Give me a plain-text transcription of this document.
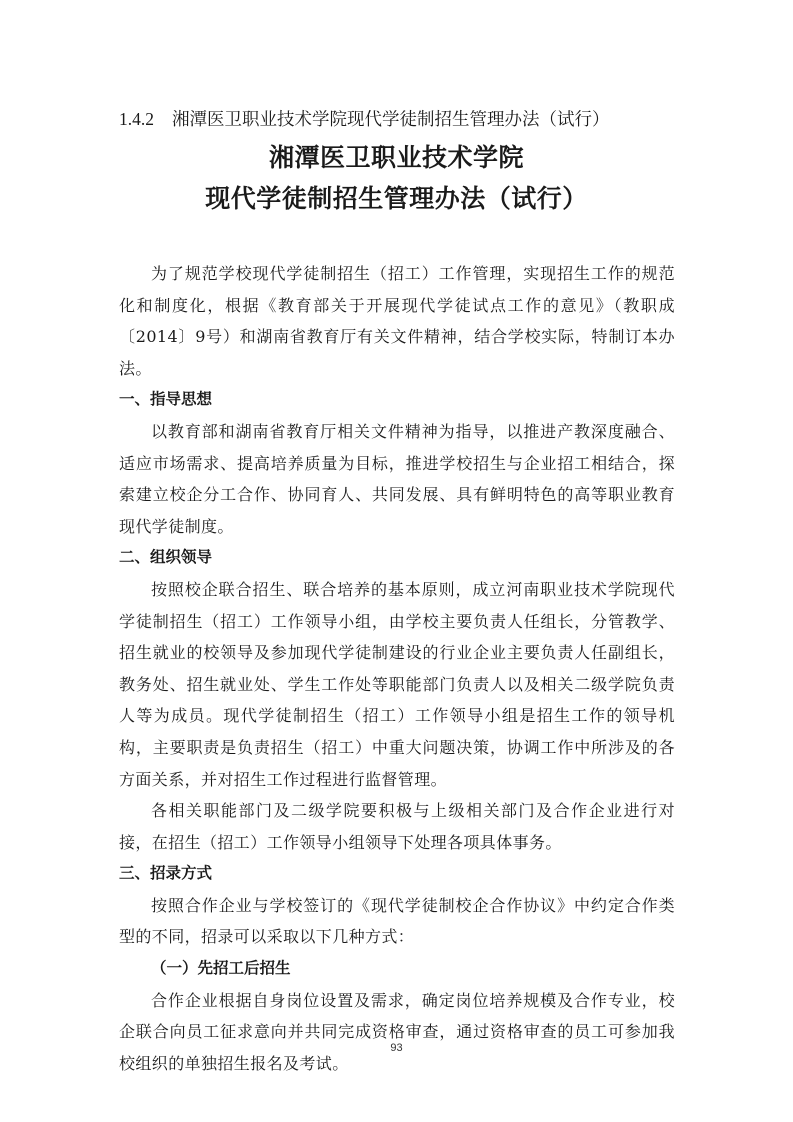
1.4.2 湘潭医卫职业技术学院现代学徒制招生管理办法（试行）
湘潭医卫职业技术学院
现代学徒制招生管理办法（试行）

为了规范学校现代学徒制招生（招工）工作管理，实现招生工作的规范化和制度化，根据《教育部关于开展现代学徒试点工作的意见》（教职成〔2014〕9号）和湖南省教育厅有关文件精神，结合学校实际，特制订本办法。

一、指导思想

以教育部和湖南省教育厅相关文件精神为指导，以推进产教深度融合、适应市场需求、提高培养质量为目标，推进学校招生与企业招工相结合，探索建立校企分工合作、协同育人、共同发展、具有鲜明特色的高等职业教育现代学徒制度。

二、组织领导

按照校企联合招生、联合培养的基本原则，成立河南职业技术学院现代学徒制招生（招工）工作领导小组，由学校主要负责人任组长，分管教学、招生就业的校领导及参加现代学徒制建设的行业企业主要负责人任副组长，教务处、招生就业处、学生工作处等职能部门负责人以及相关二级学院负责人等为成员。现代学徒制招生（招工）工作领导小组是招生工作的领导机构，主要职责是负责招生（招工）中重大问题决策，协调工作中所涉及的各方面关系，并对招生工作过程进行监督管理。

各相关职能部门及二级学院要积极与上级相关部门及合作企业进行对接，在招生（招工）工作领导小组领导下处理各项具体事务。

三、招录方式

按照合作企业与学校签订的《现代学徒制校企合作协议》中约定合作类型的不同，招录可以采取以下几种方式：

（一）先招工后招生

合作企业根据自身岗位设置及需求，确定岗位培养规模及合作专业，校企联合向员工征求意向并共同完成资格审查，通过资格审查的员工可参加我校组织的单独招生报名及考试。

93
